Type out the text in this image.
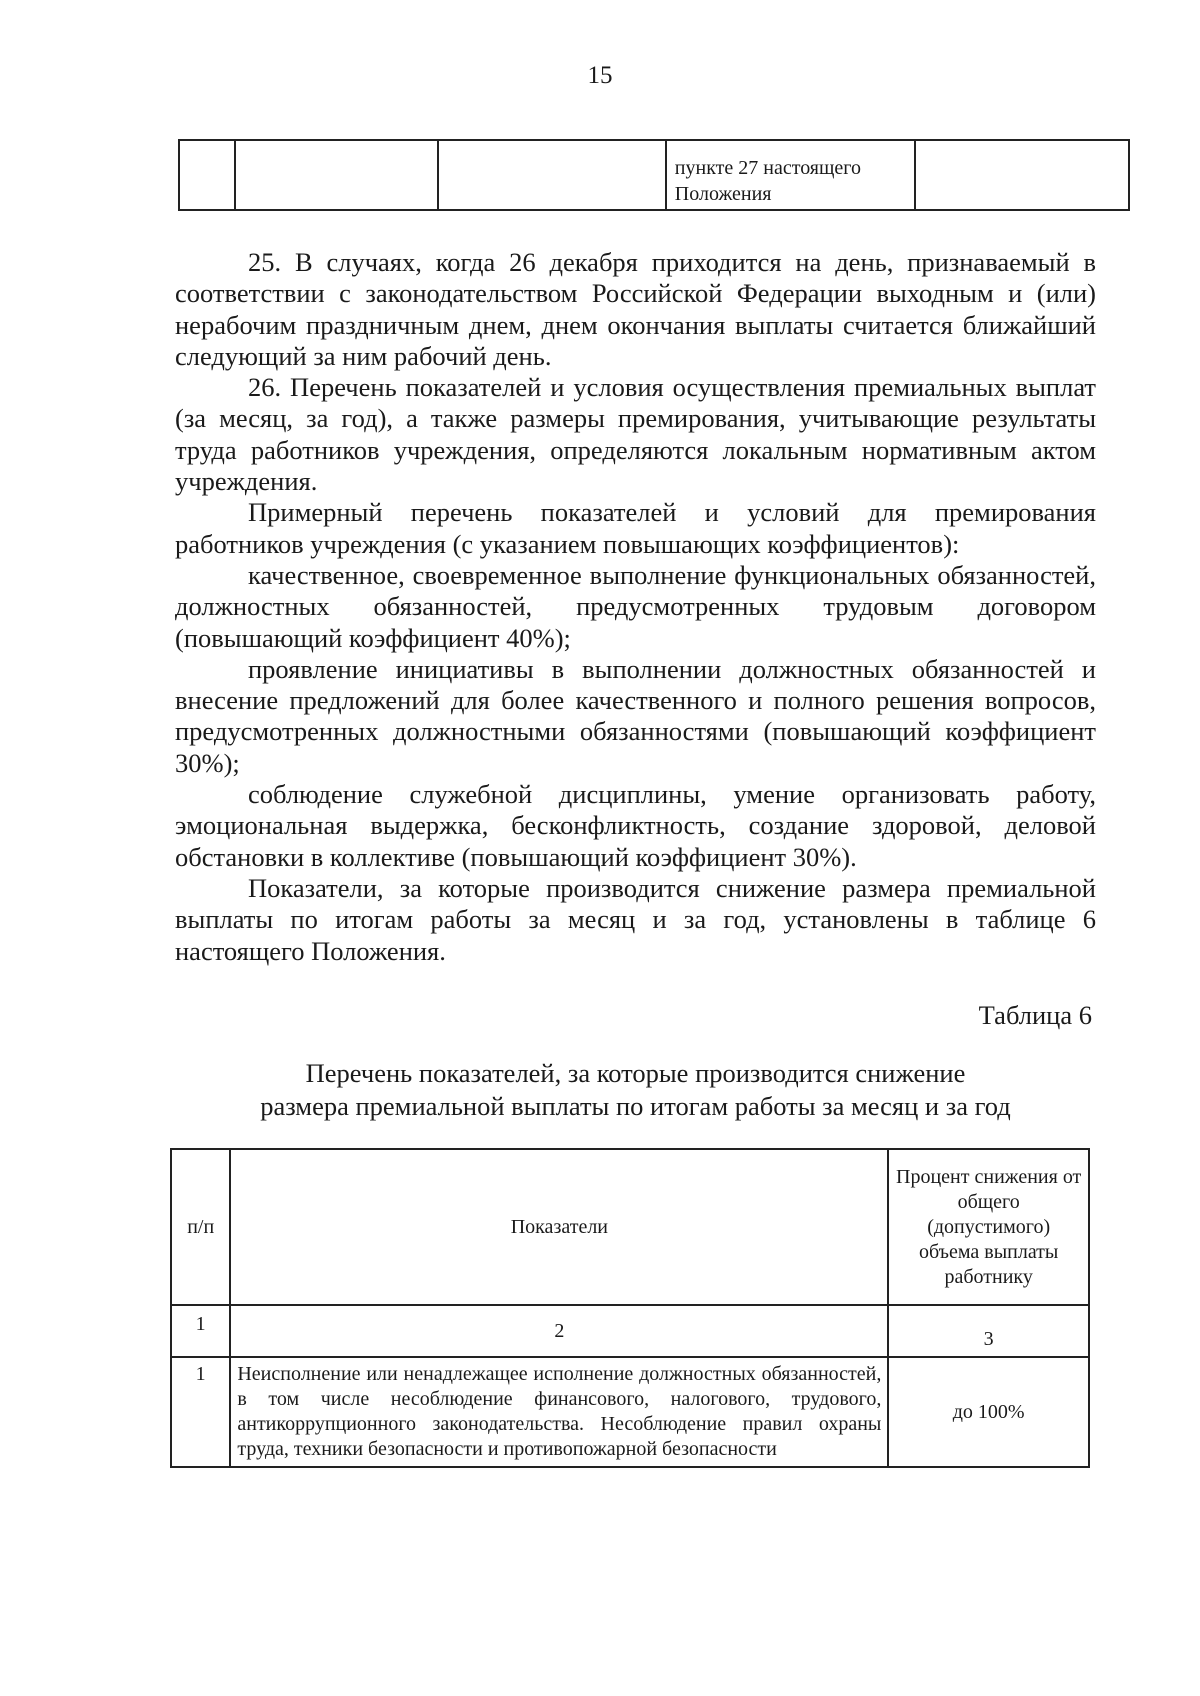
15
			пункте 27 настоящего Положения	

25. В случаях, когда 26 декабря приходится на день, признаваемый в соответствии с законодательством Российской Федерации выходным и (или) нерабочим праздничным днем, днем окончания выплаты считается ближайший следующий за ним рабочий день.

26. Перечень показателей и условия осуществления премиальных выплат (за месяц, за год), а также размеры премирования, учитывающие результаты труда работников учреждения, определяются локальным нормативным актом учреждения.

Примерный перечень показателей и условий для премирования работников учреждения (с указанием повышающих коэффициентов):

качественное, своевременное выполнение функциональных обязанностей, должностных обязанностей, предусмотренных трудовым договором (повышающий коэффициент 40%);

проявление инициативы в выполнении должностных обязанностей и внесение предложений для более качественного и полного решения вопросов, предусмотренных должностными обязанностями (повышающий коэффициент 30%);

соблюдение служебной дисциплины, умение организовать работу, эмоциональная выдержка, бесконфликтность, создание здоровой, деловой обстановки в коллективе (повышающий коэффициент 30%).

Показатели, за которые производится снижение размера премиальной выплаты по итогам работы за месяц и за год, установлены в таблице 6 настоящего Положения.

Таблица 6
Перечень показателей, за которые производится снижение
размера премиальной выплаты по итогам работы за месяц и за год
п/п	Показатели	Процент снижения от общего (допустимого) объема выплаты работнику
1	2	3
1	Неисполнение или ненадлежащее исполнение должностных обязанностей, в том числе несоблюдение финансового, налогового, трудового, антикоррупционного законодательства. Несоблюдение правил охраны труда, техники безопасности и противопожарной безопасности	до 100%
